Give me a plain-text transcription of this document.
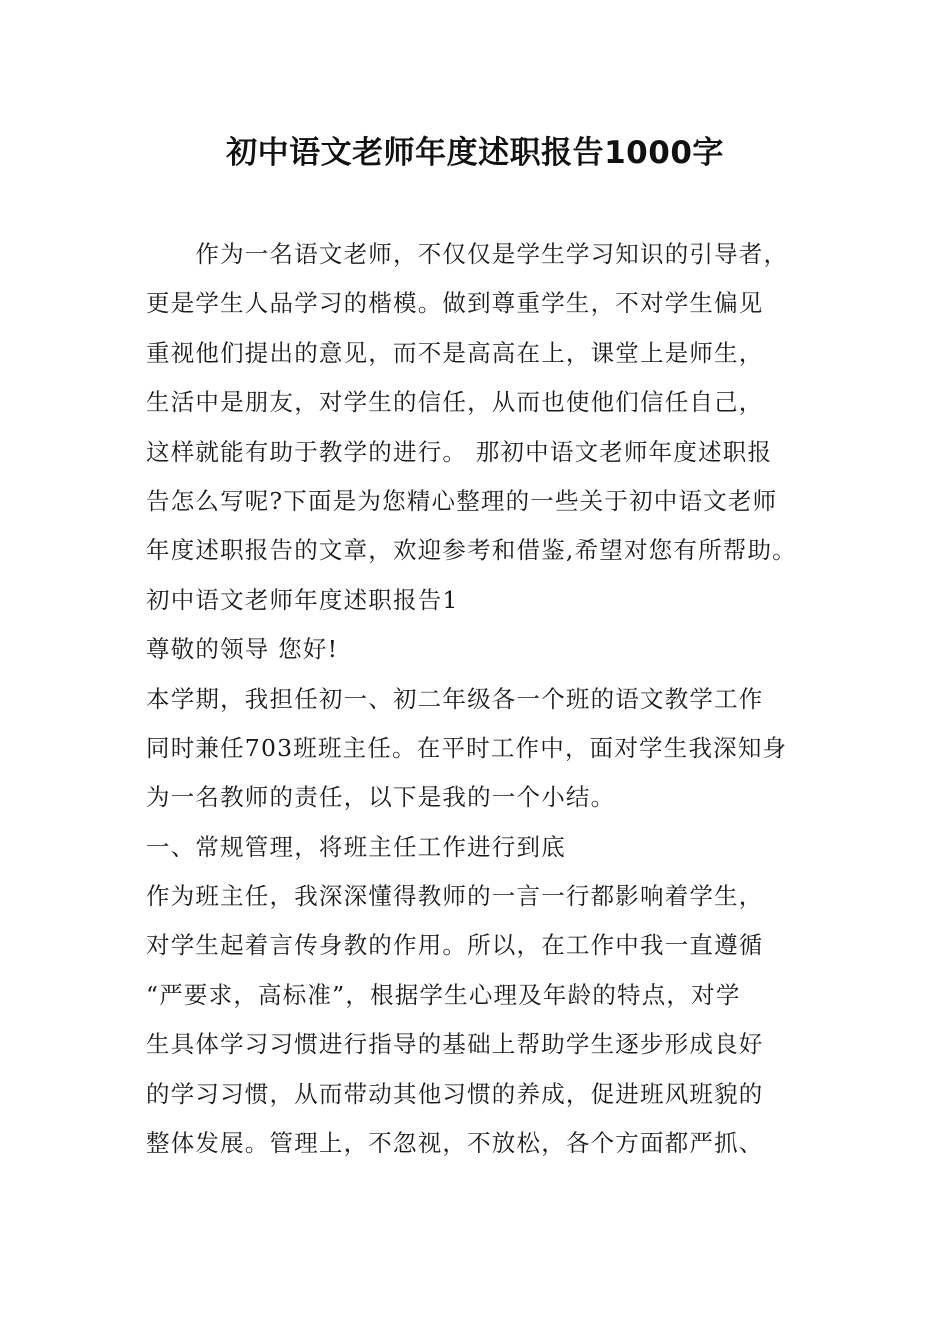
初中语文老师年度述职报告1000字
　　作为一名语文老师，不仅仅是学生学习知识的引导者，
更是学生人品学习的楷模。做到尊重学生，不对学生偏见
重视他们提出的意见，而不是高高在上，课堂上是师生，
生活中是朋友，对学生的信任，从而也使他们信任自己，
这样就能有助于教学的进行。 那初中语文老师年度述职报
告怎么写呢?下面是为您精心整理的一些关于初中语文老师
年度述职报告的文章，欢迎参考和借鉴,希望对您有所帮助。
初中语文老师年度述职报告1
尊敬的领导 您好!
本学期，我担任初一、初二年级各一个班的语文教学工作
同时兼任703班班主任。在平时工作中，面对学生我深知身
为一名教师的责任，以下是我的一个小结。
一、常规管理，将班主任工作进行到底
作为班主任，我深深懂得教师的一言一行都影响着学生，
对学生起着言传身教的作用。所以，在工作中我一直遵循
“严要求，高标准”，根据学生心理及年龄的特点，对学
生具体学习习惯进行指导的基础上帮助学生逐步形成良好
的学习习惯，从而带动其他习惯的养成，促进班风班貌的
整体发展。管理上，不忽视，不放松，各个方面都严抓、
